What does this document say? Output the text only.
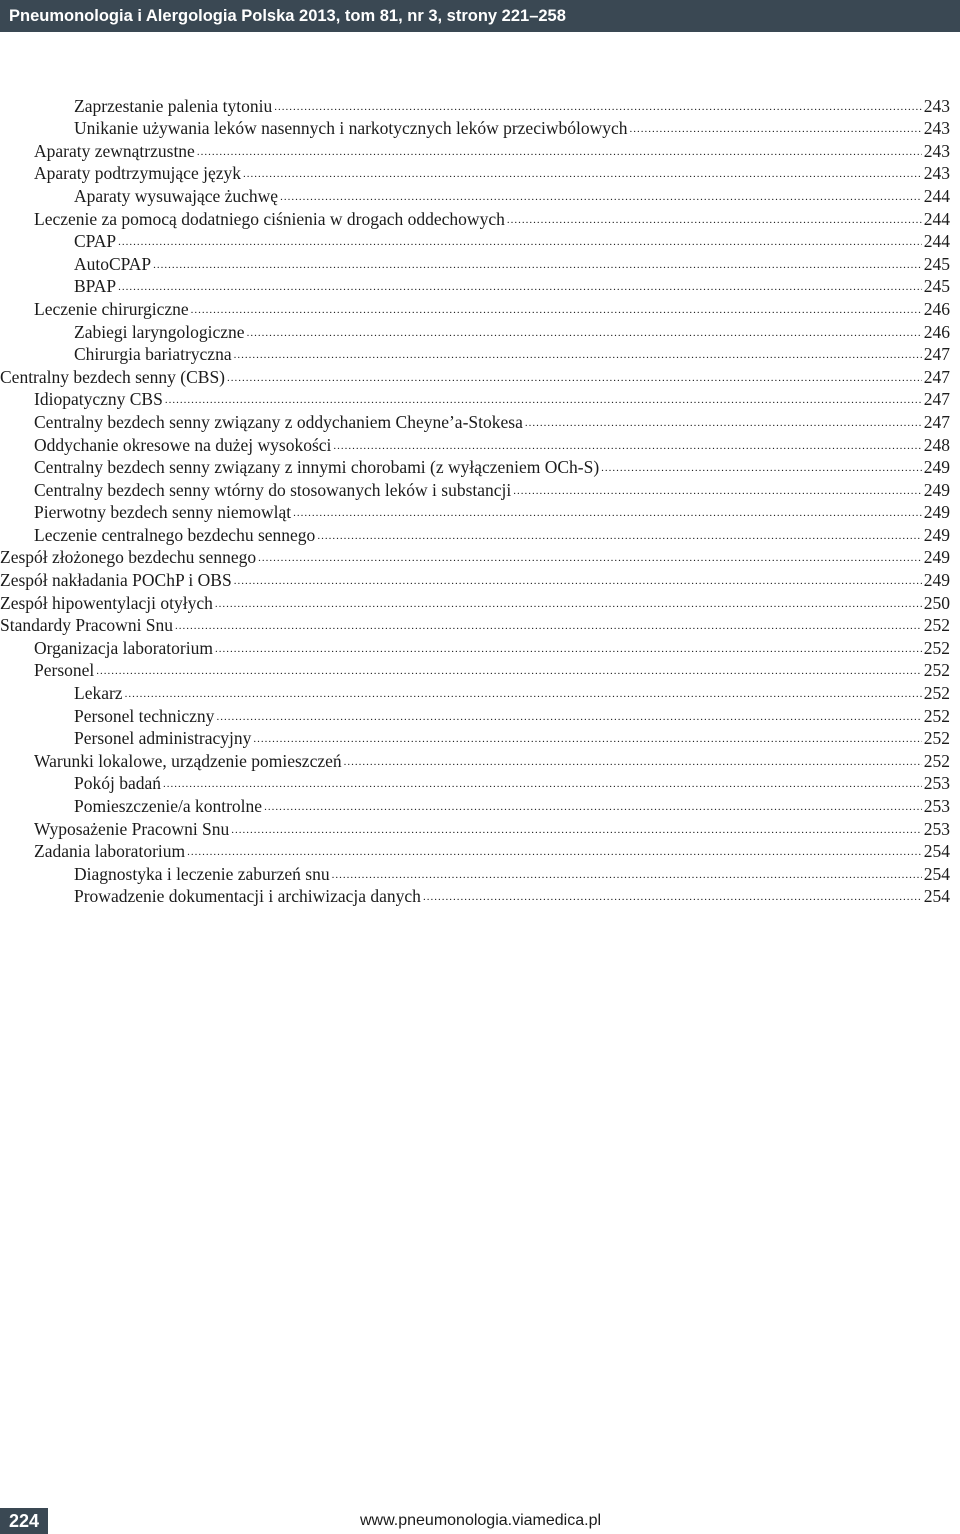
Pneumonologia i Alergologia Polska 2013, tom 81, nr 3, strony 221–258
Zaprzestanie palenia tytoniu .....	243
Unikanie używania leków nasennych i narkotycznych leków przeciwbólowych .....	243
Aparaty zewnątrzustne .....	243
Aparaty podtrzymujące język .....	243
Aparaty wysuwające żuchwę .....	244
Leczenie za pomocą dodatniego ciśnienia w drogach oddechowych .....	244
CPAP .....	244
AutoCPAP .....	245
BPAP .....	245
Leczenie chirurgiczne .....	246
Zabiegi laryngologiczne .....	246
Chirurgia bariatryczna .....	247
Centralny bezdech senny (CBS) .....	247
Idiopatyczny CBS .....	247
Centralny bezdech senny związany z oddychaniem Cheyne’a-Stokesa .....	247
Oddychanie okresowe na dużej wysokości .....	248
Centralny bezdech senny związany z innymi chorobami (z wyłączeniem OCh-S) .....	249
Centralny bezdech senny wtórny do stosowanych leków i substancji .....	249
Pierwotny bezdech senny niemowląt .....	249
Leczenie centralnego bezdechu sennego .....	249
Zespół złożonego bezdechu sennego .....	249
Zespół nakładania POChP i OBS .....	249
Zespół hipowentylacji otyłych .....	250
Standardy Pracowni Snu .....	252
Organizacja laboratorium .....	252
Personel .....	252
Lekarz .....	252
Personel techniczny .....	252
Personel administracyjny .....	252
Warunki lokalowe, urządzenie pomieszczeń .....	252
Pokój badań .....	253
Pomieszczenie/a kontrolne .....	253
Wyposażenie Pracowni Snu .....	253
Zadania laboratorium .....	254
Diagnostyka i leczenie zaburzeń snu .....	254
Prowadzenie dokumentacji i archiwizacja danych .....	254
224	www.pneumonologia.viamedica.pl
